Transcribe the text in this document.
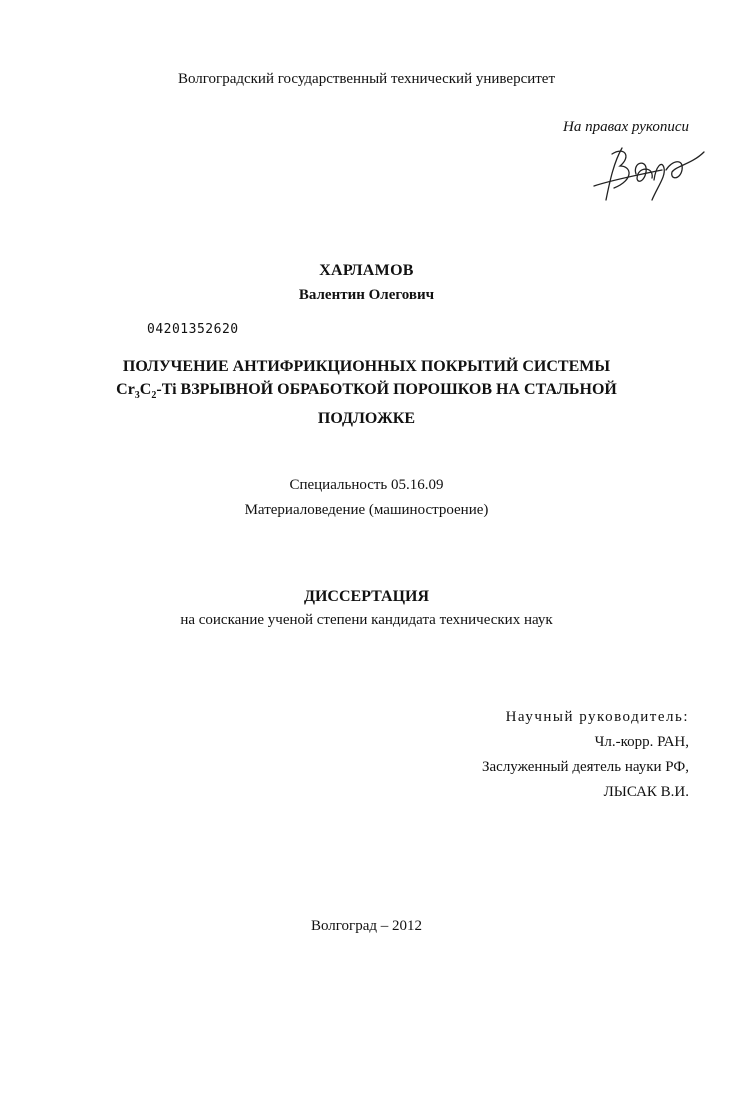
Волгоградский государственный технический университет
На правах рукописи
ХАРЛАМОВ
Валентин Олегович
04201352620
ПОЛУЧЕНИЕ АНТИФРИКЦИОННЫХ ПОКРЫТИЙ СИСТЕМЫ
$Cr_3C_2-Ti$ ВЗРЫВНОЙ ОБРАБОТКОЙ ПОРОШКОВ НА СТАЛЬНОЙ
ПОДЛОЖКЕ
Специальность 05.16.09
Материаловедение (машиностроение)
ДИССЕРТАЦИЯ
на соискание ученой степени кандидата технических наук
Научный руководитель:
Чл.-корр. РАН,
Заслуженный деятель науки РФ,
ЛЫСАК В.И.
Волгоград – 2012
